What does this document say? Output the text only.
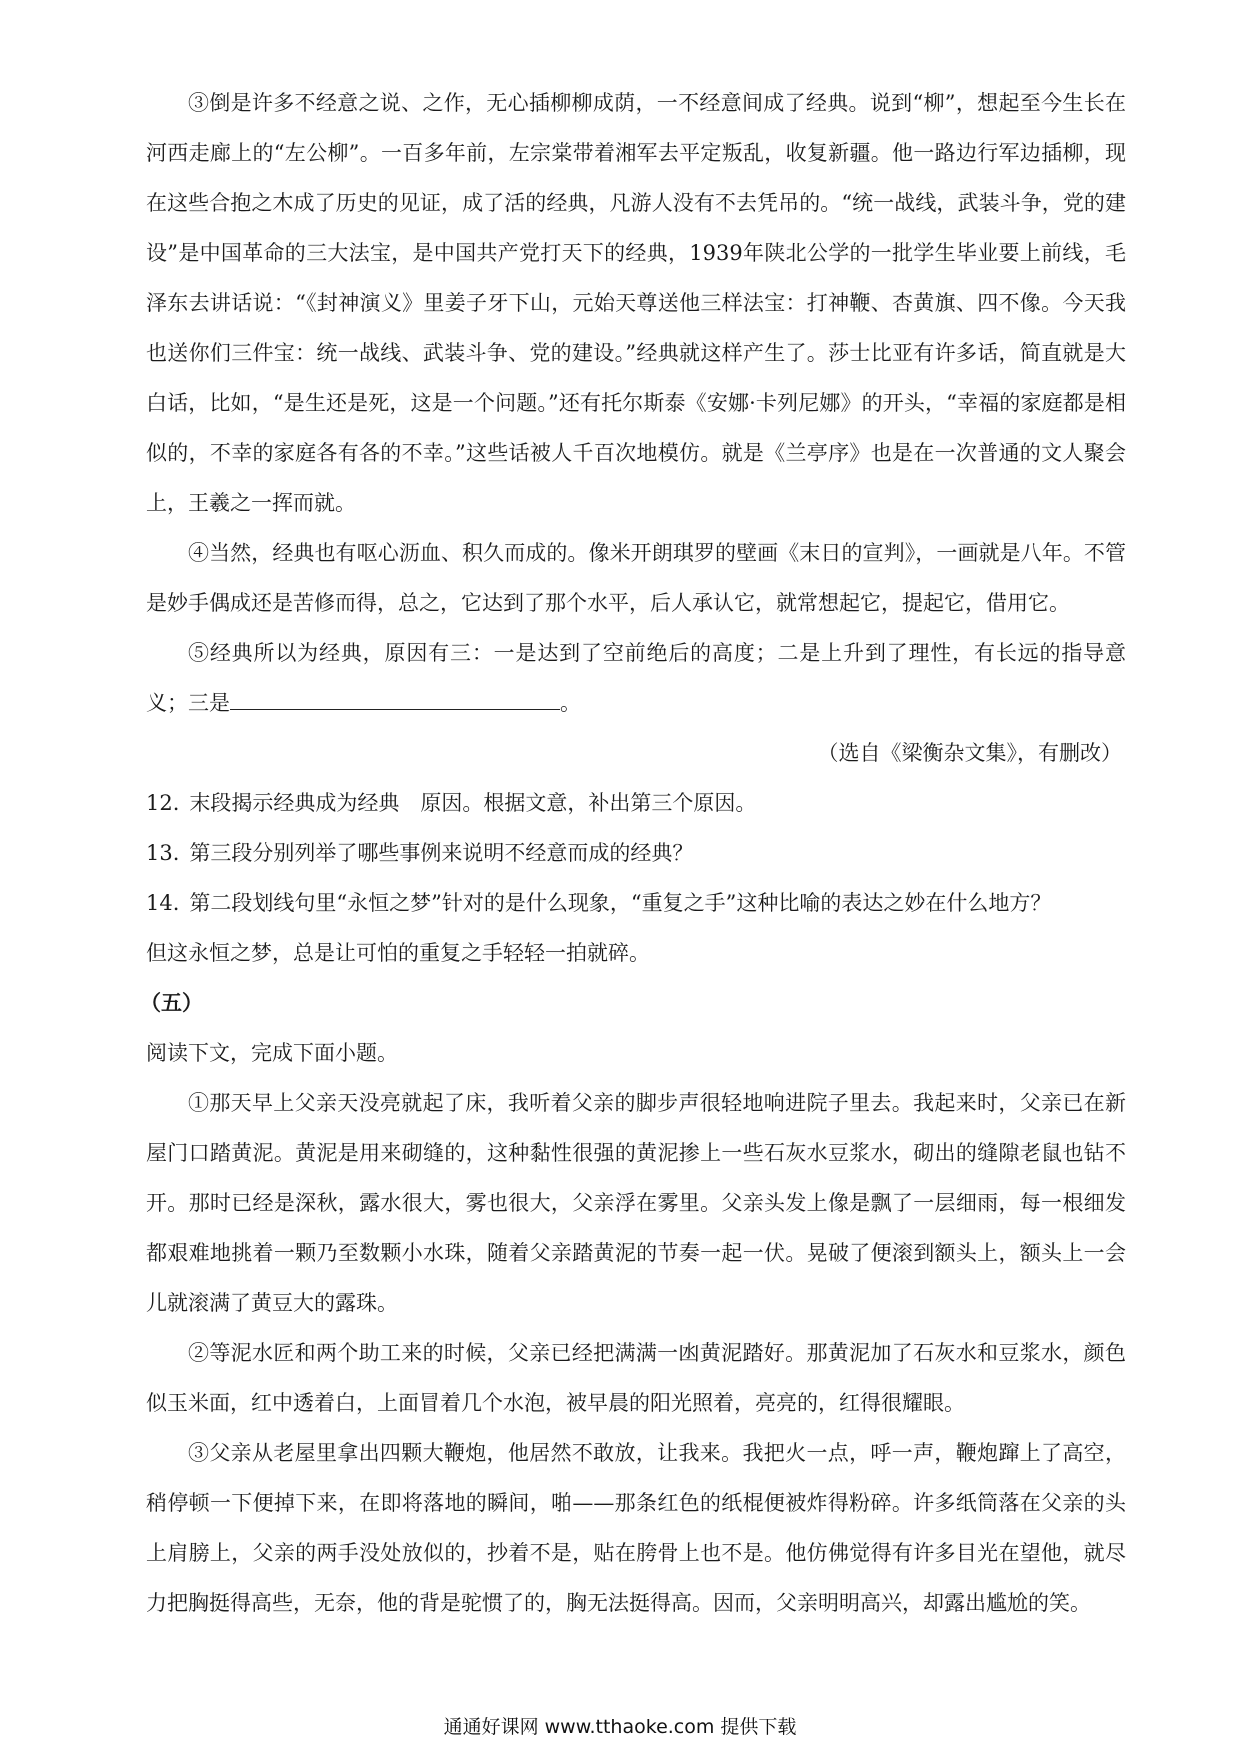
③倒是许多不经意之说、之作，无心插柳柳成荫，一不经意间成了经典。说到“柳”，想起至今生长在河西走廊上的“左公柳”。一百多年前，左宗棠带着湘军去平定叛乱，收复新疆。他一路边行军边插柳，现在这些合抱之木成了历史的见证，成了活的经典，凡游人没有不去凭吊的。“统一战线，武装斗争，党的建设”是中国革命的三大法宝，是中国共产党打天下的经典，1939年陕北公学的一批学生毕业要上前线，毛泽东去讲话说：“《封神演义》里姜子牙下山，元始天尊送他三样法宝：打神鞭、杏黄旗、四不像。今天我也送你们三件宝：统一战线、武装斗争、党的建设。”经典就这样产生了。莎士比亚有许多话，简直就是大白话，比如，“是生还是死，这是一个问题。”还有托尔斯泰《安娜·卡列尼娜》的开头，“幸福的家庭都是相似的，不幸的家庭各有各的不幸。”这些话被人千百次地模仿。就是《兰亭序》也是在一次普通的文人聚会上，王羲之一挥而就。

④当然，经典也有呕心沥血、积久而成的。像米开朗琪罗的壁画《末日的宣判》，一画就是八年。不管是妙手偶成还是苦修而得，总之，它达到了那个水平，后人承认它，就常想起它，提起它，借用它。

⑤经典所以为经典，原因有三：一是达到了空前绝后的高度；二是上升到了理性，有长远的指导意义；三是	。

（选自《梁衡杂文集》，有删改）

12. 末段揭示经典成为经典　原因。根据文意，补出第三个原因。

13. 第三段分别列举了哪些事例来说明不经意而成的经典？

14. 第二段划线句里“永恒之梦”针对的是什么现象，“重复之手”这种比喻的表达之妙在什么地方？

但这永恒之梦，总是让可怕的重复之手轻轻一拍就碎。

（五）

阅读下文，完成下面小题。

①那天早上父亲天没亮就起了床，我听着父亲的脚步声很轻地响进院子里去。我起来时，父亲已在新屋门口踏黄泥。黄泥是用来砌缝的，这种黏性很强的黄泥掺上一些石灰水豆浆水，砌出的缝隙老鼠也钻不开。那时已经是深秋，露水很大，雾也很大，父亲浮在雾里。父亲头发上像是飘了一层细雨，每一根细发都艰难地挑着一颗乃至数颗小水珠，随着父亲踏黄泥的节奏一起一伏。晃破了便滚到额头上，额头上一会儿就滚满了黄豆大的露珠。

②等泥水匠和两个助工来的时候，父亲已经把满满一凼黄泥踏好。那黄泥加了石灰水和豆浆水，颜色似玉米面，红中透着白，上面冒着几个水泡，被早晨的阳光照着，亮亮的，红得很耀眼。

③父亲从老屋里拿出四颗大鞭炮，他居然不敢放，让我来。我把火一点，呼一声，鞭炮蹿上了高空，稍停顿一下便掉下来，在即将落地的瞬间，啪——那条红色的纸棍便被炸得粉碎。许多纸筒落在父亲的头上肩膀上，父亲的两手没处放似的，抄着不是，贴在胯骨上也不是。他仿佛觉得有许多目光在望他，就尽力把胸挺得高些，无奈，他的背是驼惯了的，胸无法挺得高。因而，父亲明明高兴，却露出尴尬的笑。

通通好课网 www.tthaoke.com 提供下载
